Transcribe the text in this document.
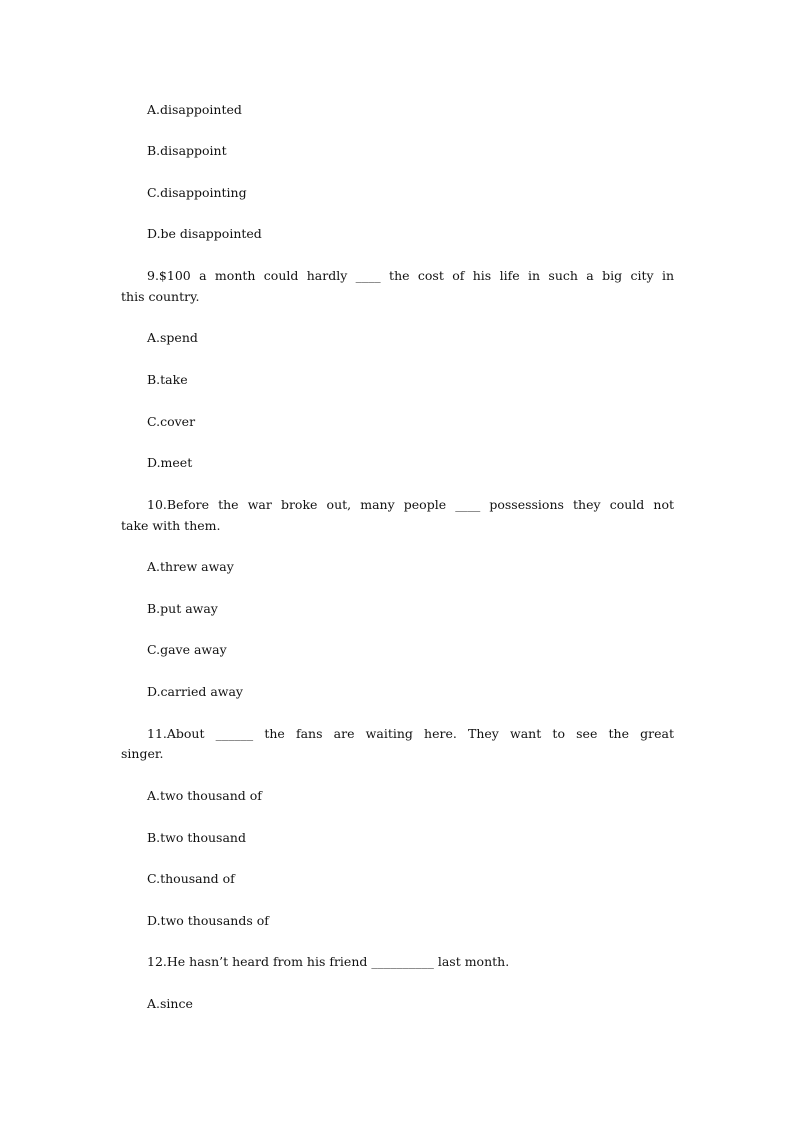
A.disappointed
B.disappoint
C.disappointing
D.be disappointed
9.$100 a month could hardly ____ the cost of his life in such a big city in
this country.
A.spend
B.take
C.cover
D.meet
10.Before the war broke out, many people ____ possessions they could not
take with them.
A.threw away
B.put away
C.gave away
D.carried away
11.About ______ the fans are waiting here. They want to see the great
singer.
A.two thousand of
B.two thousand
C.thousand of
D.two thousands of
12.He hasn’t heard from his friend __________ last month.
A.since
